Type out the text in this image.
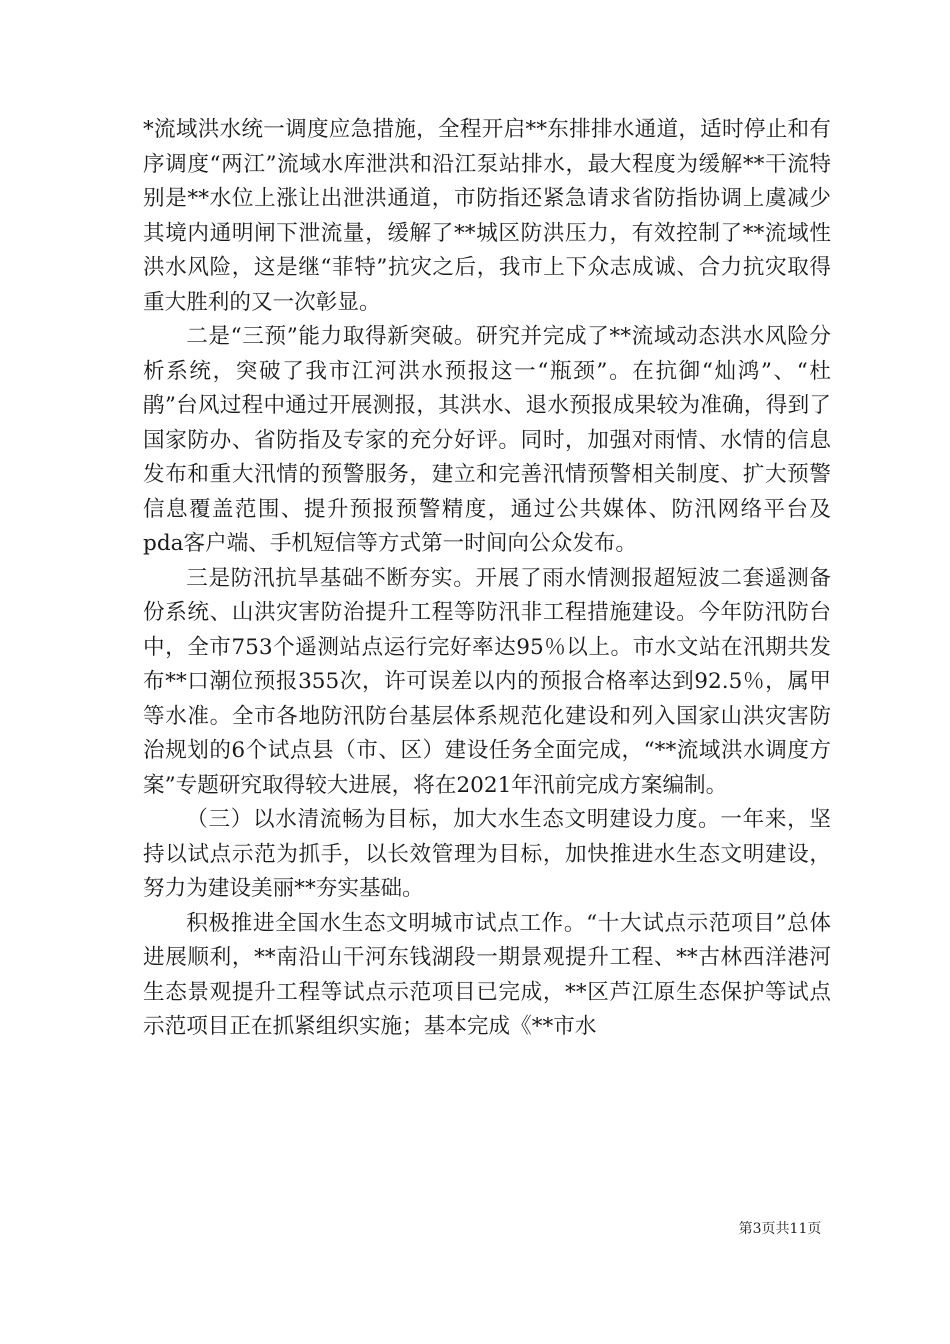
*流域洪水统一调度应急措施，全程开启**东排排水通道，适时停止和有序调度“两江”流域水库泄洪和沿江泵站排水，最大程度为缓解**干流特别是**水位上涨让出泄洪通道，市防指还紧急请求省防指协调上虞减少其境内通明闸下泄流量，缓解了**城区防洪压力，有效控制了**流域性洪水风险，这是继“菲特”抗灾之后，我市上下众志成诚、合力抗灾取得重大胜利的又一次彰显。

二是“三预”能力取得新突破。研究并完成了**流域动态洪水风险分析系统，突破了我市江河洪水预报这一“瓶颈”。在抗御“灿鸿”、“杜鹃”台风过程中通过开展测报，其洪水、退水预报成果较为准确，得到了国家防办、省防指及专家的充分好评。同时，加强对雨情、水情的信息发布和重大汛情的预警服务，建立和完善汛情预警相关制度、扩大预警信息覆盖范围、提升预报预警精度，通过公共媒体、防汛网络平台及pda客户端、手机短信等方式第一时间向公众发布。

三是防汛抗旱基础不断夯实。开展了雨水情测报超短波二套遥测备份系统、山洪灾害防治提升工程等防汛非工程措施建设。今年防汛防台中，全市753个遥测站点运行完好率达95％以上。市水文站在汛期共发布**口潮位预报355次，许可误差以内的预报合格率达到92.5％，属甲等水准。全市各地防汛防台基层体系规范化建设和列入国家山洪灾害防治规划的6个试点县（市、区）建设任务全面完成，“**流域洪水调度方案”专题研究取得较大进展，将在2021年汛前完成方案编制。

（三）以水清流畅为目标，加大水生态文明建设力度。一年来，坚持以试点示范为抓手，以长效管理为目标，加快推进水生态文明建设，努力为建设美丽**夯实基础。

积极推进全国水生态文明城市试点工作。“十大试点示范项目”总体进展顺利，**南沿山干河东钱湖段一期景观提升工程、**古林西洋港河生态景观提升工程等试点示范项目已完成，**区芦江原生态保护等试点示范项目正在抓紧组织实施；基本完成《**市水

第3页共11页
